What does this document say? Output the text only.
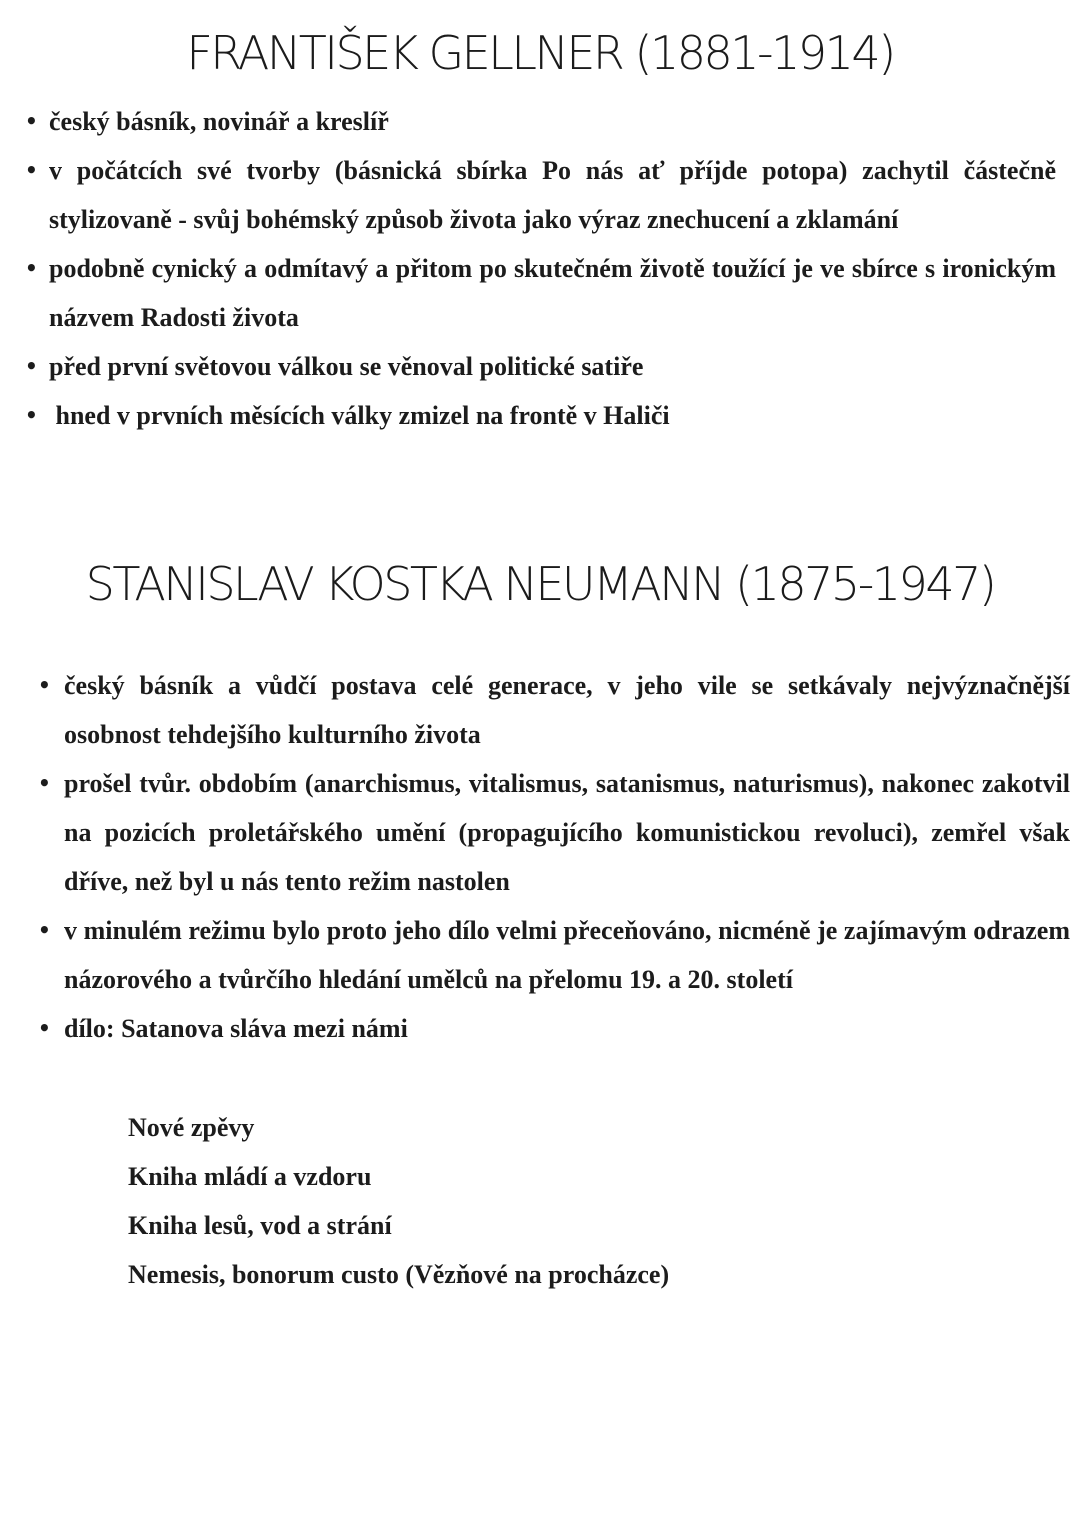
FRANTIŠEK GELLNER (1881-1914)
• český básník, novinář a kreslíř
• v počátcích své tvorby (básnická sbírka Po nás ať příjde potopa) zachytil částečně stylizovaně - svůj bohémský způsob života jako výraz znechucení a zklamání
• podobně cynický a odmítavý a přitom po skutečném životě toužící je ve sbírce s ironickým názvem Radosti života
• před první světovou válkou se věnoval politické satiře
• hned v prvních měsících války zmizel na frontě v Haliči
STANISLAV KOSTKA NEUMANN (1875-1947)
• český básník a vůdčí postava celé generace, v jeho vile se setkávaly nejvýznačnější osobnost tehdejšího kulturního života
• prošel tvůr. obdobím (anarchismus, vitalismus, satanismus, naturismus), nakonec zakotvil na pozicích proletářského umění (propagujícího komunistickou revoluci), zemřel však dříve, než byl u nás tento režim nastolen
• v minulém režimu bylo proto jeho dílo velmi přeceňováno, nicméně je zajímavým odrazem názorového a tvůrčího hledání umělců na přelomu 19. a 20. století
• dílo: Satanova sláva mezi námi
Nové zpěvy
Kniha mládí a vzdoru
Kniha lesů, vod a strání
Nemesis, bonorum custo (Vězňové na procházce)
